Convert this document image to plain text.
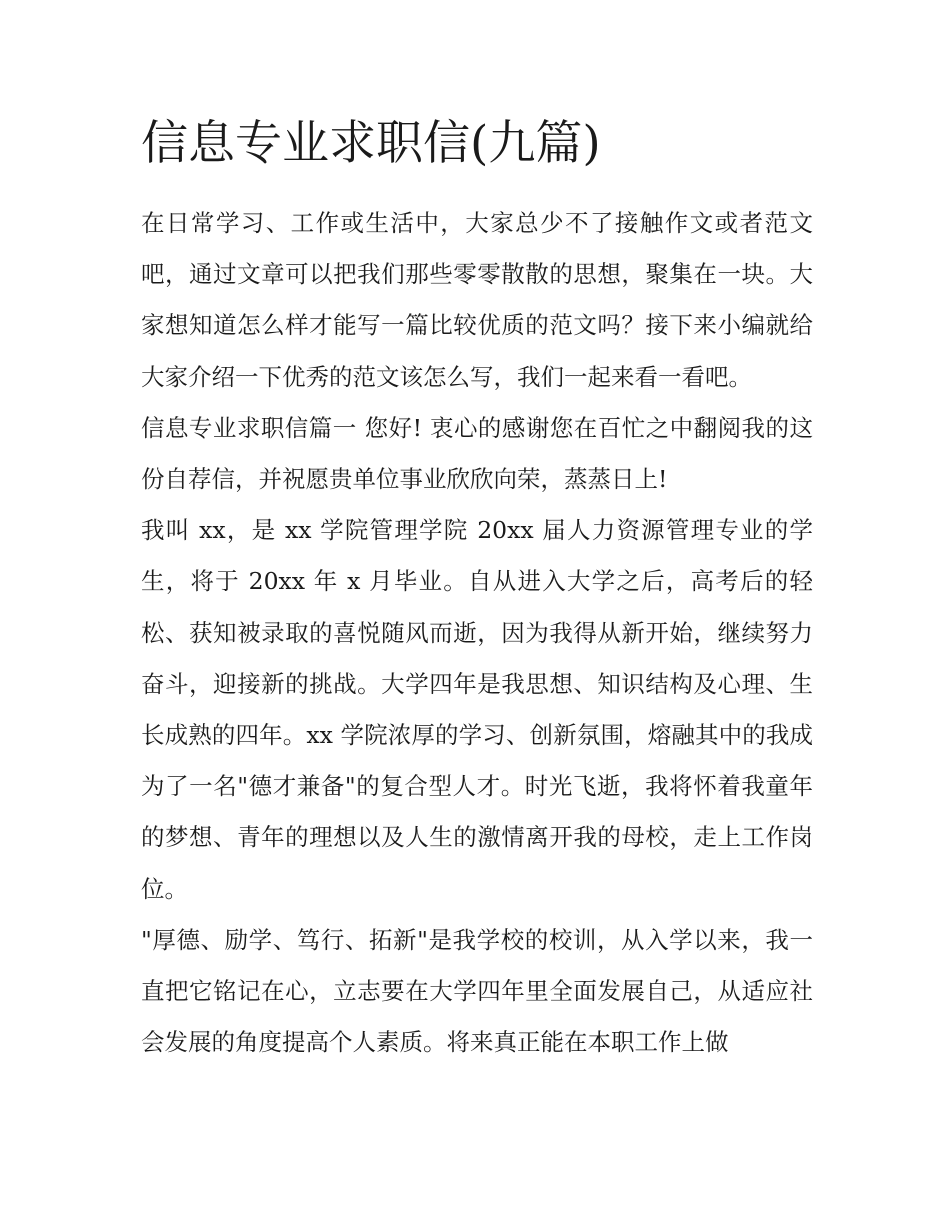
信息专业求职信(九篇)

在日常学习、工作或生活中，大家总少不了接触作文或者范文吧，通过文章可以把我们那些零零散散的思想，聚集在一块。大家想知道怎么样才能写一篇比较优质的范文吗？接下来小编就给大家介绍一下优秀的范文该怎么写，我们一起来看一看吧。

信息专业求职信篇一 您好! 衷心的感谢您在百忙之中翻阅我的这份自荐信，并祝愿贵单位事业欣欣向荣，蒸蒸日上!

我叫 xx，是 xx 学院管理学院 20xx 届人力资源管理专业的学生，将于 20xx 年 x 月毕业。自从进入大学之后，高考后的轻松、获知被录取的喜悦随风而逝，因为我得从新开始，继续努力奋斗，迎接新的挑战。大学四年是我思想、知识结构及心理、生长成熟的四年。xx 学院浓厚的学习、创新氛围，熔融其中的我成为了一名"德才兼备"的复合型人才。时光飞逝，我将怀着我童年的梦想、青年的理想以及人生的激情离开我的母校，走上工作岗位。

"厚德、励学、笃行、拓新"是我学校的校训，从入学以来，我一直把它铭记在心，立志要在大学四年里全面发展自己，从适应社会发展的角度提高个人素质。将来真正能在本职工作上做
